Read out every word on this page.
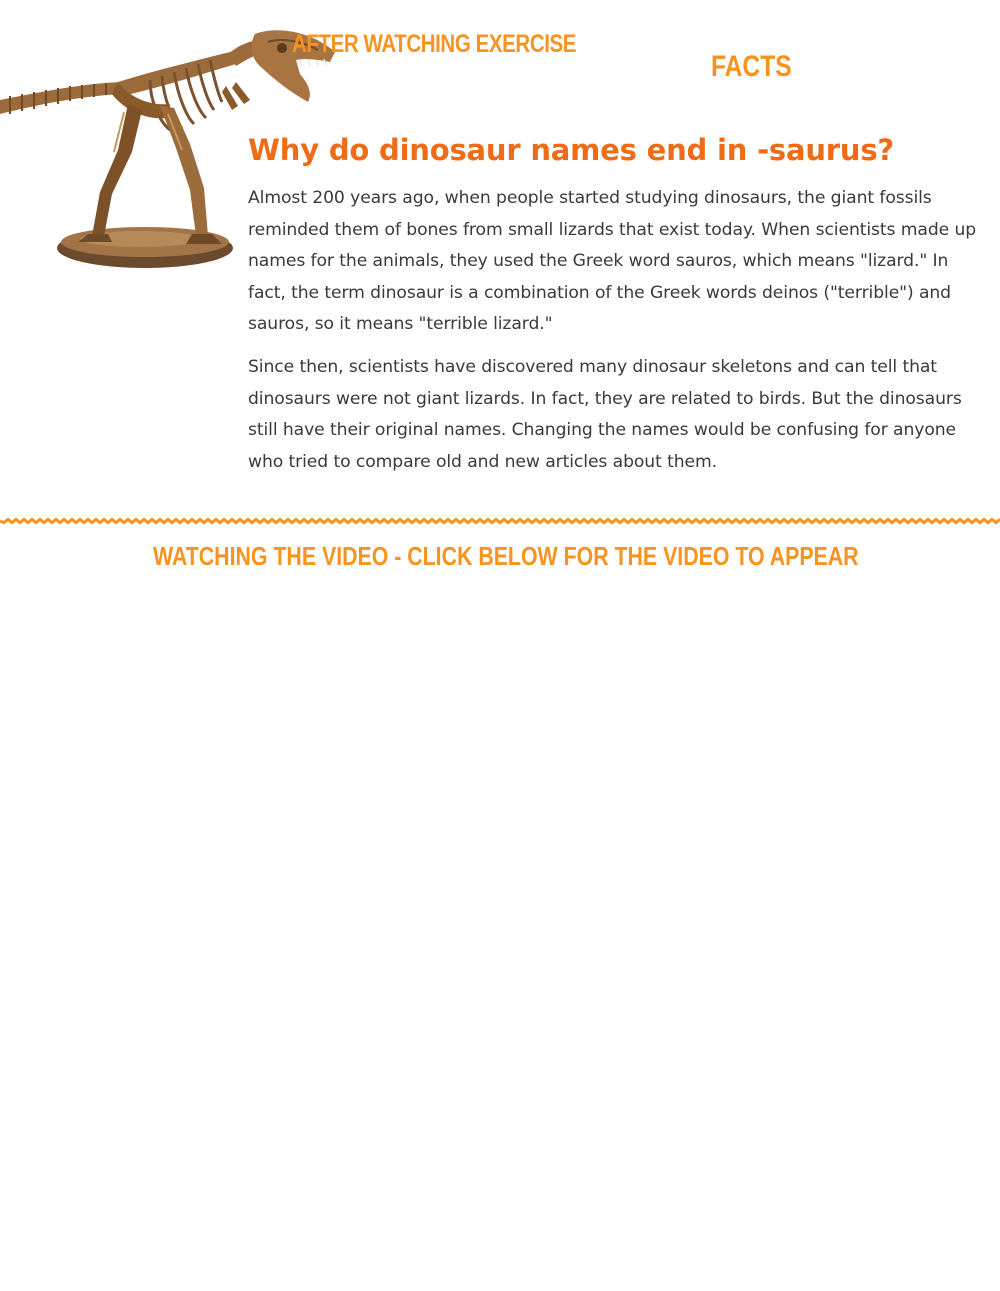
AFTER WATCHING EXERCISE
FACTS
Why do dinosaur names end in -saurus?

Almost 200 years ago, when people started studying dinosaurs, the giant fossils reminded them of bones from small lizards that exist today. When scientists made up names for the animals, they used the Greek word sauros, which means "lizard." In fact, the term dinosaur is a combination of the Greek words deinos ("terrible") and sauros, so it means "terrible lizard."

Since then, scientists have discovered many dinosaur skeletons and can tell that dinosaurs were not giant lizards. In fact, they are related to birds. But the dinosaurs still have their original names. Changing the names would be confusing for anyone who tried to compare old and new articles about them.

WATCHING THE VIDEO - CLICK BELOW FOR THE VIDEO TO APPEAR
